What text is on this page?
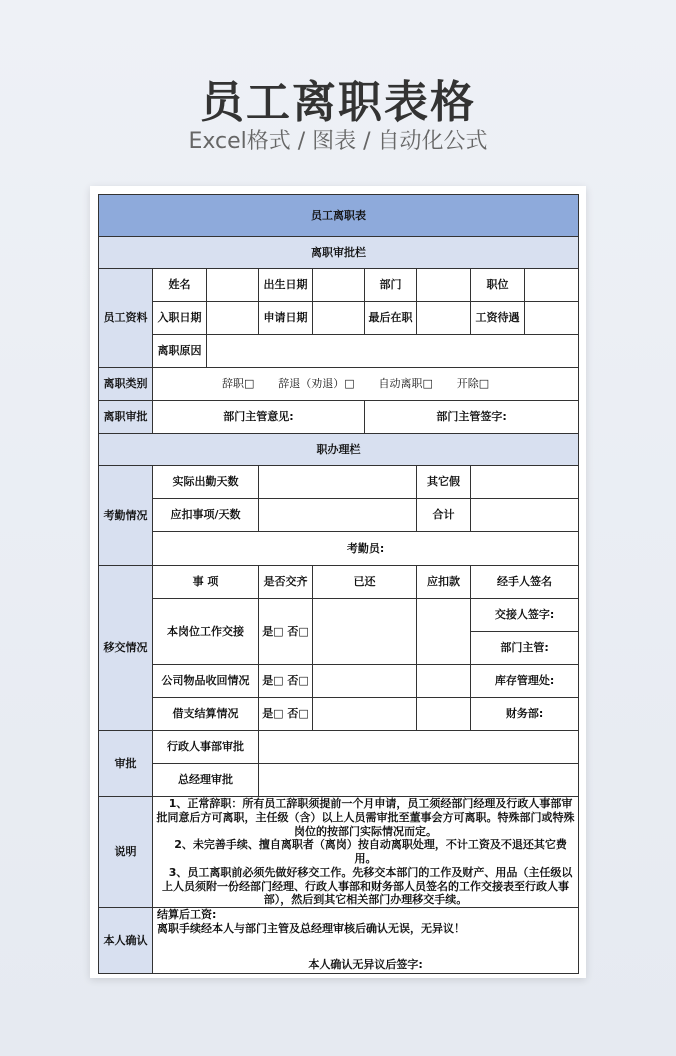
员工离职表格
Excel格式 / 图表 / 自动化公式
员工离职表								
离职审批栏								
员工资料	姓名		出生日期		部门		职位	
	入职日期		申请日期		最后在职		工资待遇	
	离职原因							
离职类别	辞职□ 辞退（劝退）□ 自动离职□ 开除□							
离职审批	部门主管意见:				部门主管签字:			
职办理栏								
考勤情况	实际出勤天数					其它假		
	应扣事项/天数					合计		
	考勤员:							
移交情况	事 项		是否交齐	已还		应扣款	经手人签名	
	本岗位工作交接		是□ 否□				交接人签字:	
							部门主管:	
	公司物品收回情况		是□ 否□				库存管理处:	
	借支结算情况		是□ 否□				财务部:	

审批	行政人事部审批							
	总经理审批							
说明	1、正常辞职：所有员工辞职须提前一个月申请，员工须经部门经理及行政人事部审批同意后方可离职，主任级（含）以上人员需审批至董事会方可离职。特殊部门或特殊岗位的按部门实际情况而定。

2、未完善手续、擅自离职者（离岗）按自动离职处理，不计工资及不退还其它费用。

3、员工离职前必须先做好移交工作。先移交本部门的工作及财产、用品（主任级以上人员须附一份经部门经理、行政人事部和财务部人员签名的工作交接表至行政人事部），然后到其它相关部门办理移交手续。							

本人确认	结算后工资:
离职手续经本人与部门主管及总经理审核后确认无误，无异议！
本人确认无异议后签字:							
